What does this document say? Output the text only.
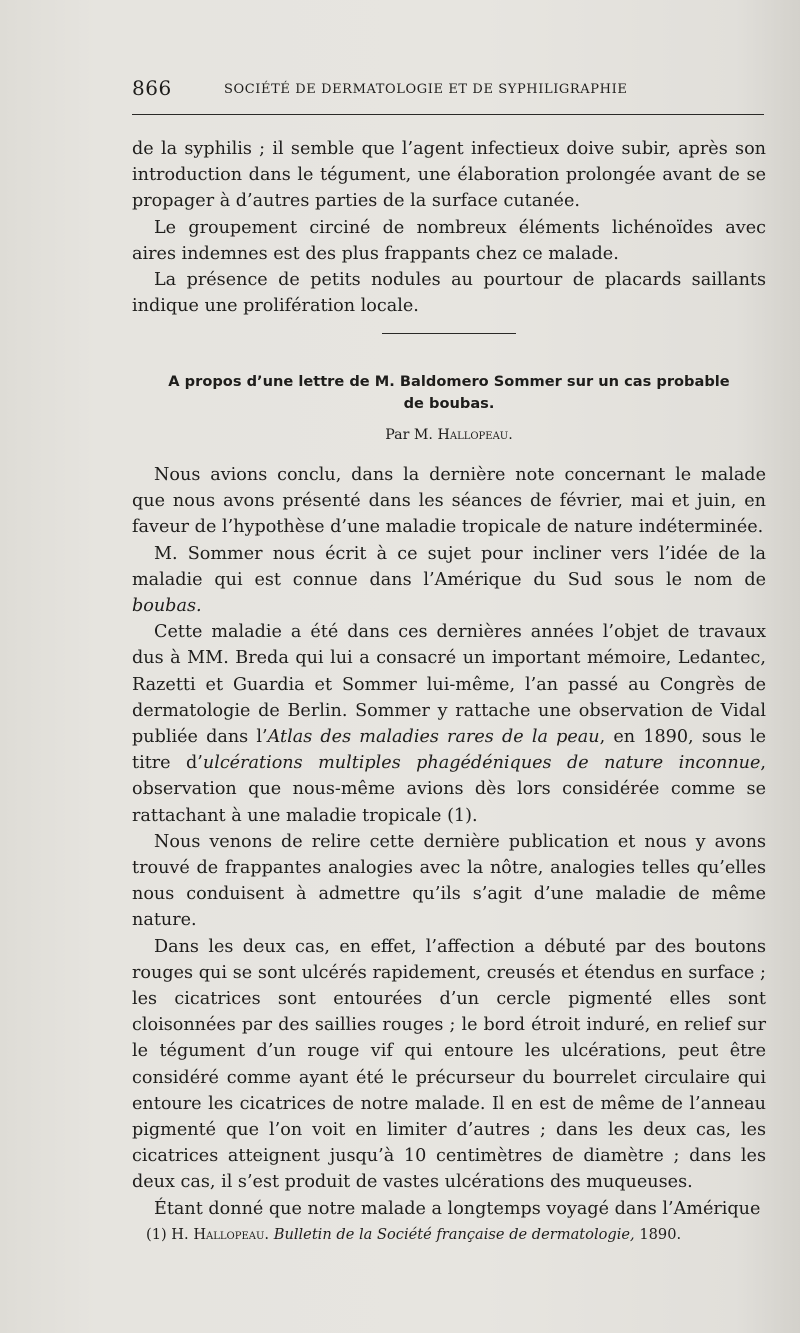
866	SOCIÉTÉ DE DERMATOLOGIE ET DE SYPHILIGRAPHIE

de la syphilis ; il semble que l’agent infectieux doive subir, après son introduction dans le tégument, une élaboration prolongée avant de se propager à d’autres parties de la surface cutanée.

Le groupement circiné de nombreux éléments lichénoïdes avec aires indemnes est des plus frappants chez ce malade.

La présence de petits nodules au pourtour de placards saillants indique une prolifération locale.

A propos d’une lettre de M. Baldomero Sommer sur un cas probable
de boubas.
Par M. Hallopeau.

Nous avions conclu, dans la dernière note concernant le malade que nous avons présenté dans les séances de février, mai et juin, en faveur de l’hypothèse d’une maladie tropicale de nature indéterminée.

M. Sommer nous écrit à ce sujet pour incliner vers l’idée de la maladie qui est connue dans l’Amérique du Sud sous le nom de boubas.

Cette maladie a été dans ces dernières années l’objet de travaux dus à MM. Breda qui lui a consacré un important mémoire, Ledantec, Razetti et Guardia et Sommer lui-même, l’an passé au Congrès de dermatologie de Berlin. Sommer y rattache une observation de Vidal publiée dans l’Atlas des maladies rares de la peau, en 1890, sous le titre d’ulcérations multiples phagédéniques de nature inconnue, observation que nous-même avions dès lors considérée comme se rattachant à une maladie tropicale (1).

Nous venons de relire cette dernière publication et nous y avons trouvé de frappantes analogies avec la nôtre, analogies telles qu’elles nous conduisent à admettre qu’ils s’agit d’une maladie de même nature.

Dans les deux cas, en effet, l’affection a débuté par des boutons rouges qui se sont ulcérés rapidement, creusés et étendus en surface ; les cicatrices sont entourées d’un cercle pigmenté elles sont cloisonnées par des saillies rouges ; le bord étroit induré, en relief sur le tégument d’un rouge vif qui entoure les ulcérations, peut être considéré comme ayant été le précurseur du bourrelet circulaire qui entoure les cicatrices de notre malade. Il en est de même de l’anneau pigmenté que l’on voit en limiter d’autres ; dans les deux cas, les cicatrices atteignent jusqu’à 10 centimètres de diamètre ; dans les deux cas, il s’est produit de vastes ulcérations des muqueuses.

Étant donné que notre malade a longtemps voyagé dans l’Amérique

(1) H. Hallopeau. Bulletin de la Société française de dermatologie, 1890.
